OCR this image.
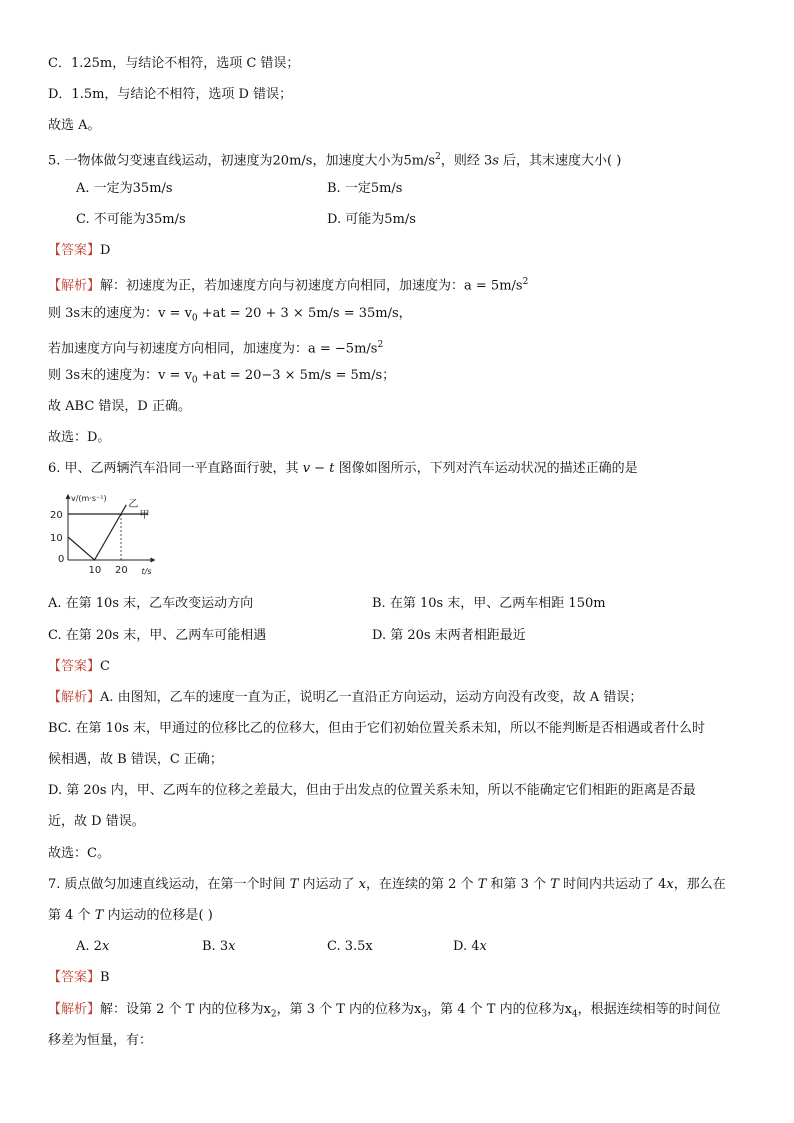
C．1.25m，与结论不相符，选项 C 错误；
D．1.5m，与结论不相符，选项 D 错误；
故选 A。
5. 一物体做匀变速直线运动，初速度为20m/s，加速度大小为$5m/s^2$，则经 3s 后，其末速度大小( )
A. 一定为35m/s	B. 一定5m/s
C. 不可能为35m/s	D. 可能为5m/s
【答案】D
【解析】解：初速度为正，若加速度方向与初速度方向相同，加速度为：$a = 5m/s^2$
则 3s末的速度为：$v = v_0 +at = 20 + 3 \times 5m/s = 35m/s$，
若加速度方向与初速度方向相同，加速度为：$a = -5m/s^2$
则 3s末的速度为：$v = v_0 +at = 20-3 \times 5m/s = 5m/s$；
故 ABC 错误，D 正确。
故选：D。
6. 甲、乙两辆汽车沿同一平直路面行驶，其 v − t 图像如图所示，下列对汽车运动状况的描述正确的是
v/(m·s⁻¹)
t/s
0
10 20
10
20	甲
乙
A. 在第 10s 末，乙车改变运动方向	B. 在第 10s 末，甲、乙两车相距 150m
C. 在第 20s 末，甲、乙两车可能相遇	D. 第 20s 末两者相距最近
【答案】C
【解析】A. 由图知，乙车的速度一直为正，说明乙一直沿正方向运动，运动方向没有改变，故 A 错误；
BC. 在第 10s 末，甲通过的位移比乙的位移大，但由于它们初始位置关系未知，所以不能判断是否相遇或者什么时
候相遇，故 B 错误，C 正确；
D. 第 20s 内，甲、乙两车的位移之差最大，但由于出发点的位置关系未知，所以不能确定它们相距的距离是否最
近，故 D 错误。
故选：C。
7. 质点做匀加速直线运动，在第一个时间 T 内运动了 x，在连续的第 2 个 T 和第 3 个 T 时间内共运动了 4x，那么在
第 4 个 T 内运动的位移是( )
A. 2x	B. 3x	C. 3.5x	D. 4x
【答案】B
【解析】解：设第 2 个 T 内的位移为$x_2$，第 3 个 T 内的位移为$x_3$，第 4 个 T 内的位移为$x_4$，根据连续相等的时间位
移差为恒量，有：
